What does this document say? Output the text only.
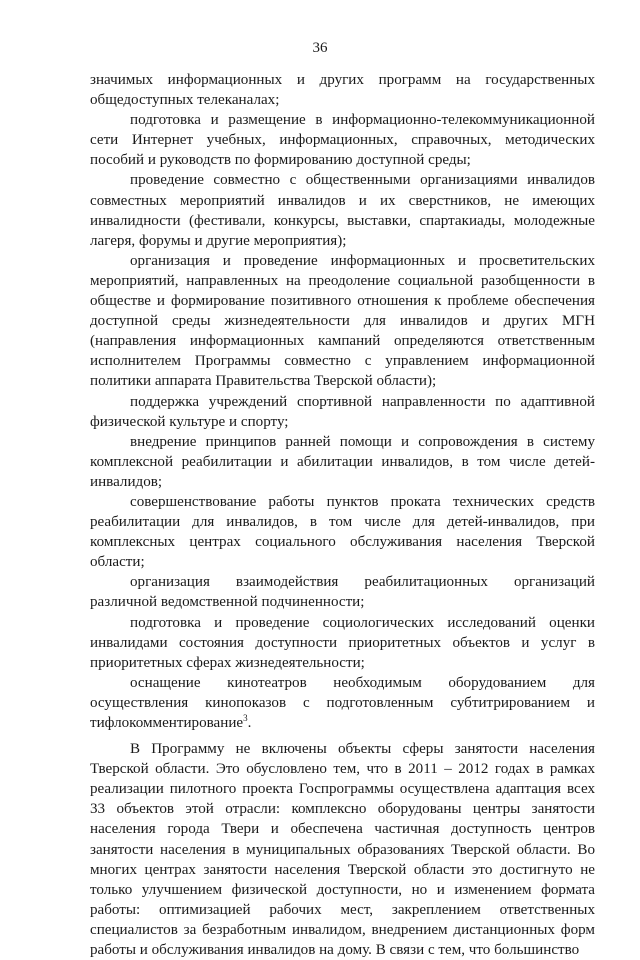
36

значимых информационных и других программ на государственных общедоступных телеканалах;

подготовка и размещение в информационно-телекоммуникационной сети Интернет учебных, информационных, справочных, методических пособий и руководств по формированию доступной среды;

проведение совместно с общественными организациями инвалидов совместных мероприятий инвалидов и их сверстников, не имеющих инвалидности (фестивали, конкурсы, выставки, спартакиады, молодежные лагеря, форумы и другие мероприятия);

организация и проведение информационных и просветительских мероприятий, направленных на преодоление социальной разобщенности в обществе и формирование позитивного отношения к проблеме обеспечения доступной среды жизнедеятельности для инвалидов и других МГН (направления информационных кампаний определяются ответственным исполнителем Программы совместно с управлением информационной политики аппарата Правительства Тверской области);

поддержка учреждений спортивной направленности по адаптивной физической культуре и спорту;

внедрение принципов ранней помощи и сопровождения в систему комплексной реабилитации и абилитации инвалидов, в том числе детей-инвалидов;

совершенствование работы пунктов проката технических средств реабилитации для инвалидов, в том числе для детей-инвалидов, при комплексных центрах социального обслуживания населения Тверской области;

организация взаимодействия реабилитационных организаций различной ведомственной подчиненности;

подготовка и проведение социологических исследований оценки инвалидами состояния доступности приоритетных объектов и услуг в приоритетных сферах жизнедеятельности;

оснащение кинотеатров необходимым оборудованием для осуществления кинопоказов с подготовленным субтитрированием и тифлокомментирование$^3$.

В Программу не включены объекты сферы занятости населения Тверской области. Это обусловлено тем, что в 2011 – 2012 годах в рамках реализации пилотного проекта Госпрограммы осуществлена адаптация всех 33 объектов этой отрасли: комплексно оборудованы центры занятости населения города Твери и обеспечена частичная доступность центров занятости населения в муниципальных образованиях Тверской области. Во многих центрах занятости населения Тверской области это достигнуто не только улучшением физической доступности, но и изменением формата работы: оптимизацией рабочих мест, закреплением ответственных специалистов за безработным инвалидом, внедрением дистанционных форм работы и обслуживания инвалидов на дому. В связи с тем, что большинство
